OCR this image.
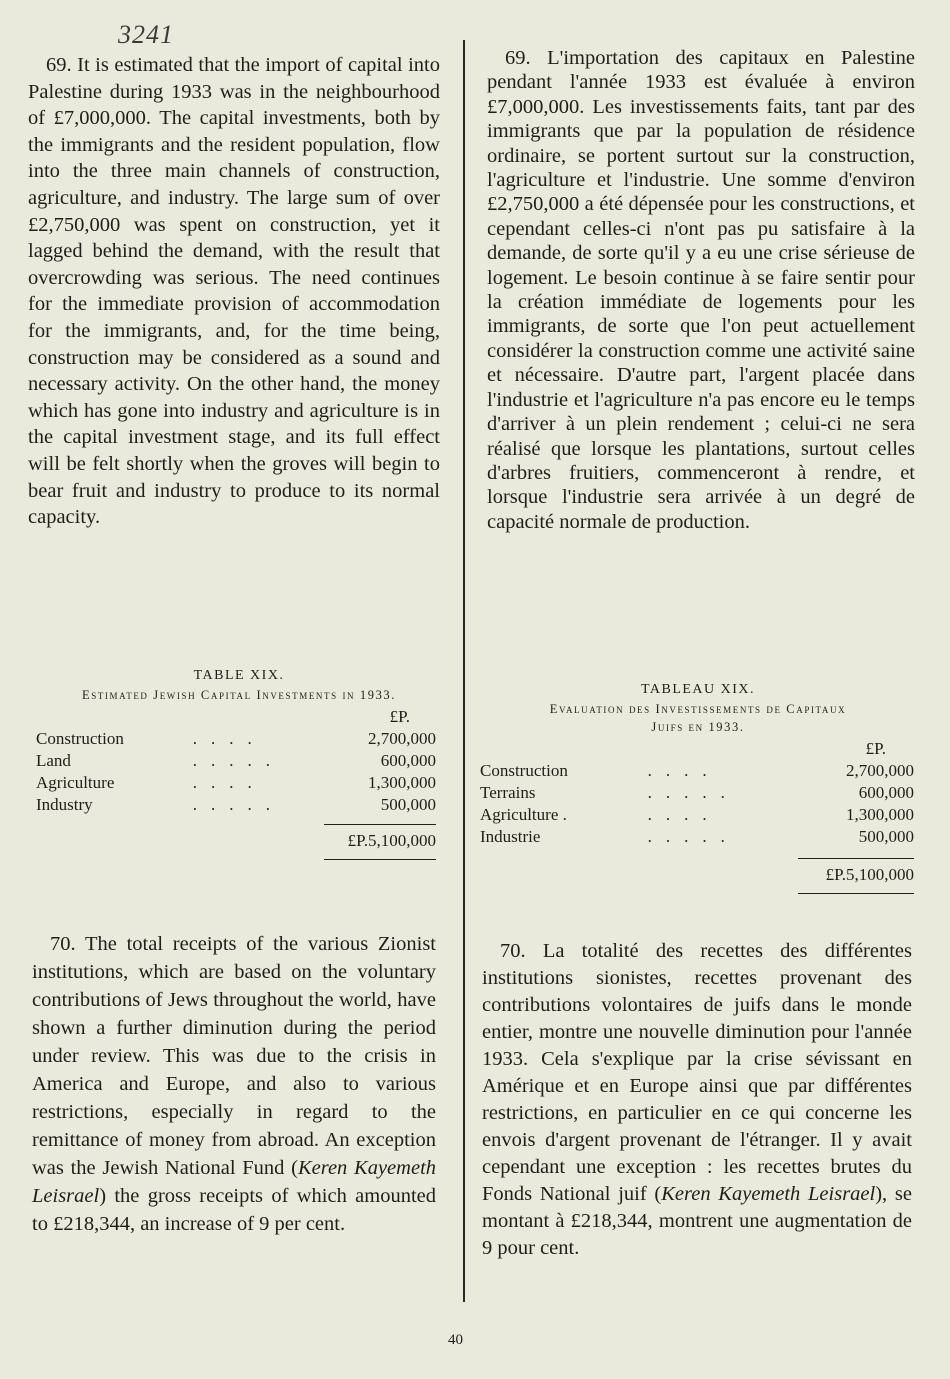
3241

69. It is estimated that the import of capital into Palestine during 1933 was in the neighbourhood of £7,000,000. The capital investments, both by the immigrants and the resident population, flow into the three main channels of construction, agriculture, and industry. The large sum of over £2,750,000 was spent on construction, yet it lagged behind the demand, with the result that overcrowding was serious. The need continues for the immediate provision of accommodation for the immigrants, and, for the time being, construction may be considered as a sound and necessary activity. On the other hand, the money which has gone into industry and agriculture is in the capital investment stage, and its full effect will be felt shortly when the groves will begin to bear fruit and industry to produce to its normal capacity.

TABLE XIX.

Estimated Jewish Capital Investments in 1933.

		£P.
Construction	....	2,700,000
Land	.....	600,000
Agriculture	....	1,300,000
Industry	.....	500,000
£P.5,100,000

70. The total receipts of the various Zionist institutions, which are based on the voluntary contributions of Jews throughout the world, have shown a further diminution during the period under review. This was due to the crisis in America and Europe, and also to various restrictions, especially in regard to the remittance of money from abroad. An exception was the Jewish National Fund (Keren Kayemeth Leisrael) the gross receipts of which amounted to £218,344, an increase of 9 per cent.

69. L'importation des capitaux en Palestine pendant l'année 1933 est évaluée à environ £7,000,000. Les investissements faits, tant par des immigrants que par la population de résidence ordinaire, se portent surtout sur la construction, l'agriculture et l'industrie. Une somme d'environ £2,750,000 a été dépensée pour les constructions, et cependant celles-ci n'ont pas pu satisfaire à la demande, de sorte qu'il y a eu une crise sérieuse de logement. Le besoin continue à se faire sentir pour la création immédiate de logements pour les immigrants, de sorte que l'on peut actuellement considérer la construction comme une activité saine et nécessaire. D'autre part, l'argent placée dans l'industrie et l'agriculture n'a pas encore eu le temps d'arriver à un plein rendement ; celui-ci ne sera réalisé que lorsque les plantations, surtout celles d'arbres fruitiers, commenceront à rendre, et lorsque l'industrie sera arrivée à un degré de capacité normale de production.

TABLEAU XIX.

Evaluation des Investissements de Capitaux

Juifs en 1933.

		£P.
Construction	....	2,700,000
Terrains	.....	600,000
Agriculture .	....	1,300,000
Industrie	.....	500,000
£P.5,100,000

70. La totalité des recettes des différentes institutions sionistes, recettes provenant des contributions volontaires de juifs dans le monde entier, montre une nouvelle diminution pour l'année 1933. Cela s'explique par la crise sévissant en Amérique et en Europe ainsi que par différentes restrictions, en particulier en ce qui concerne les envois d'argent provenant de l'étranger. Il y avait cependant une exception : les recettes brutes du Fonds National juif (Keren Kayemeth Leisrael), se montant à £218,344, montrent une augmentation de 9 pour cent.

40
